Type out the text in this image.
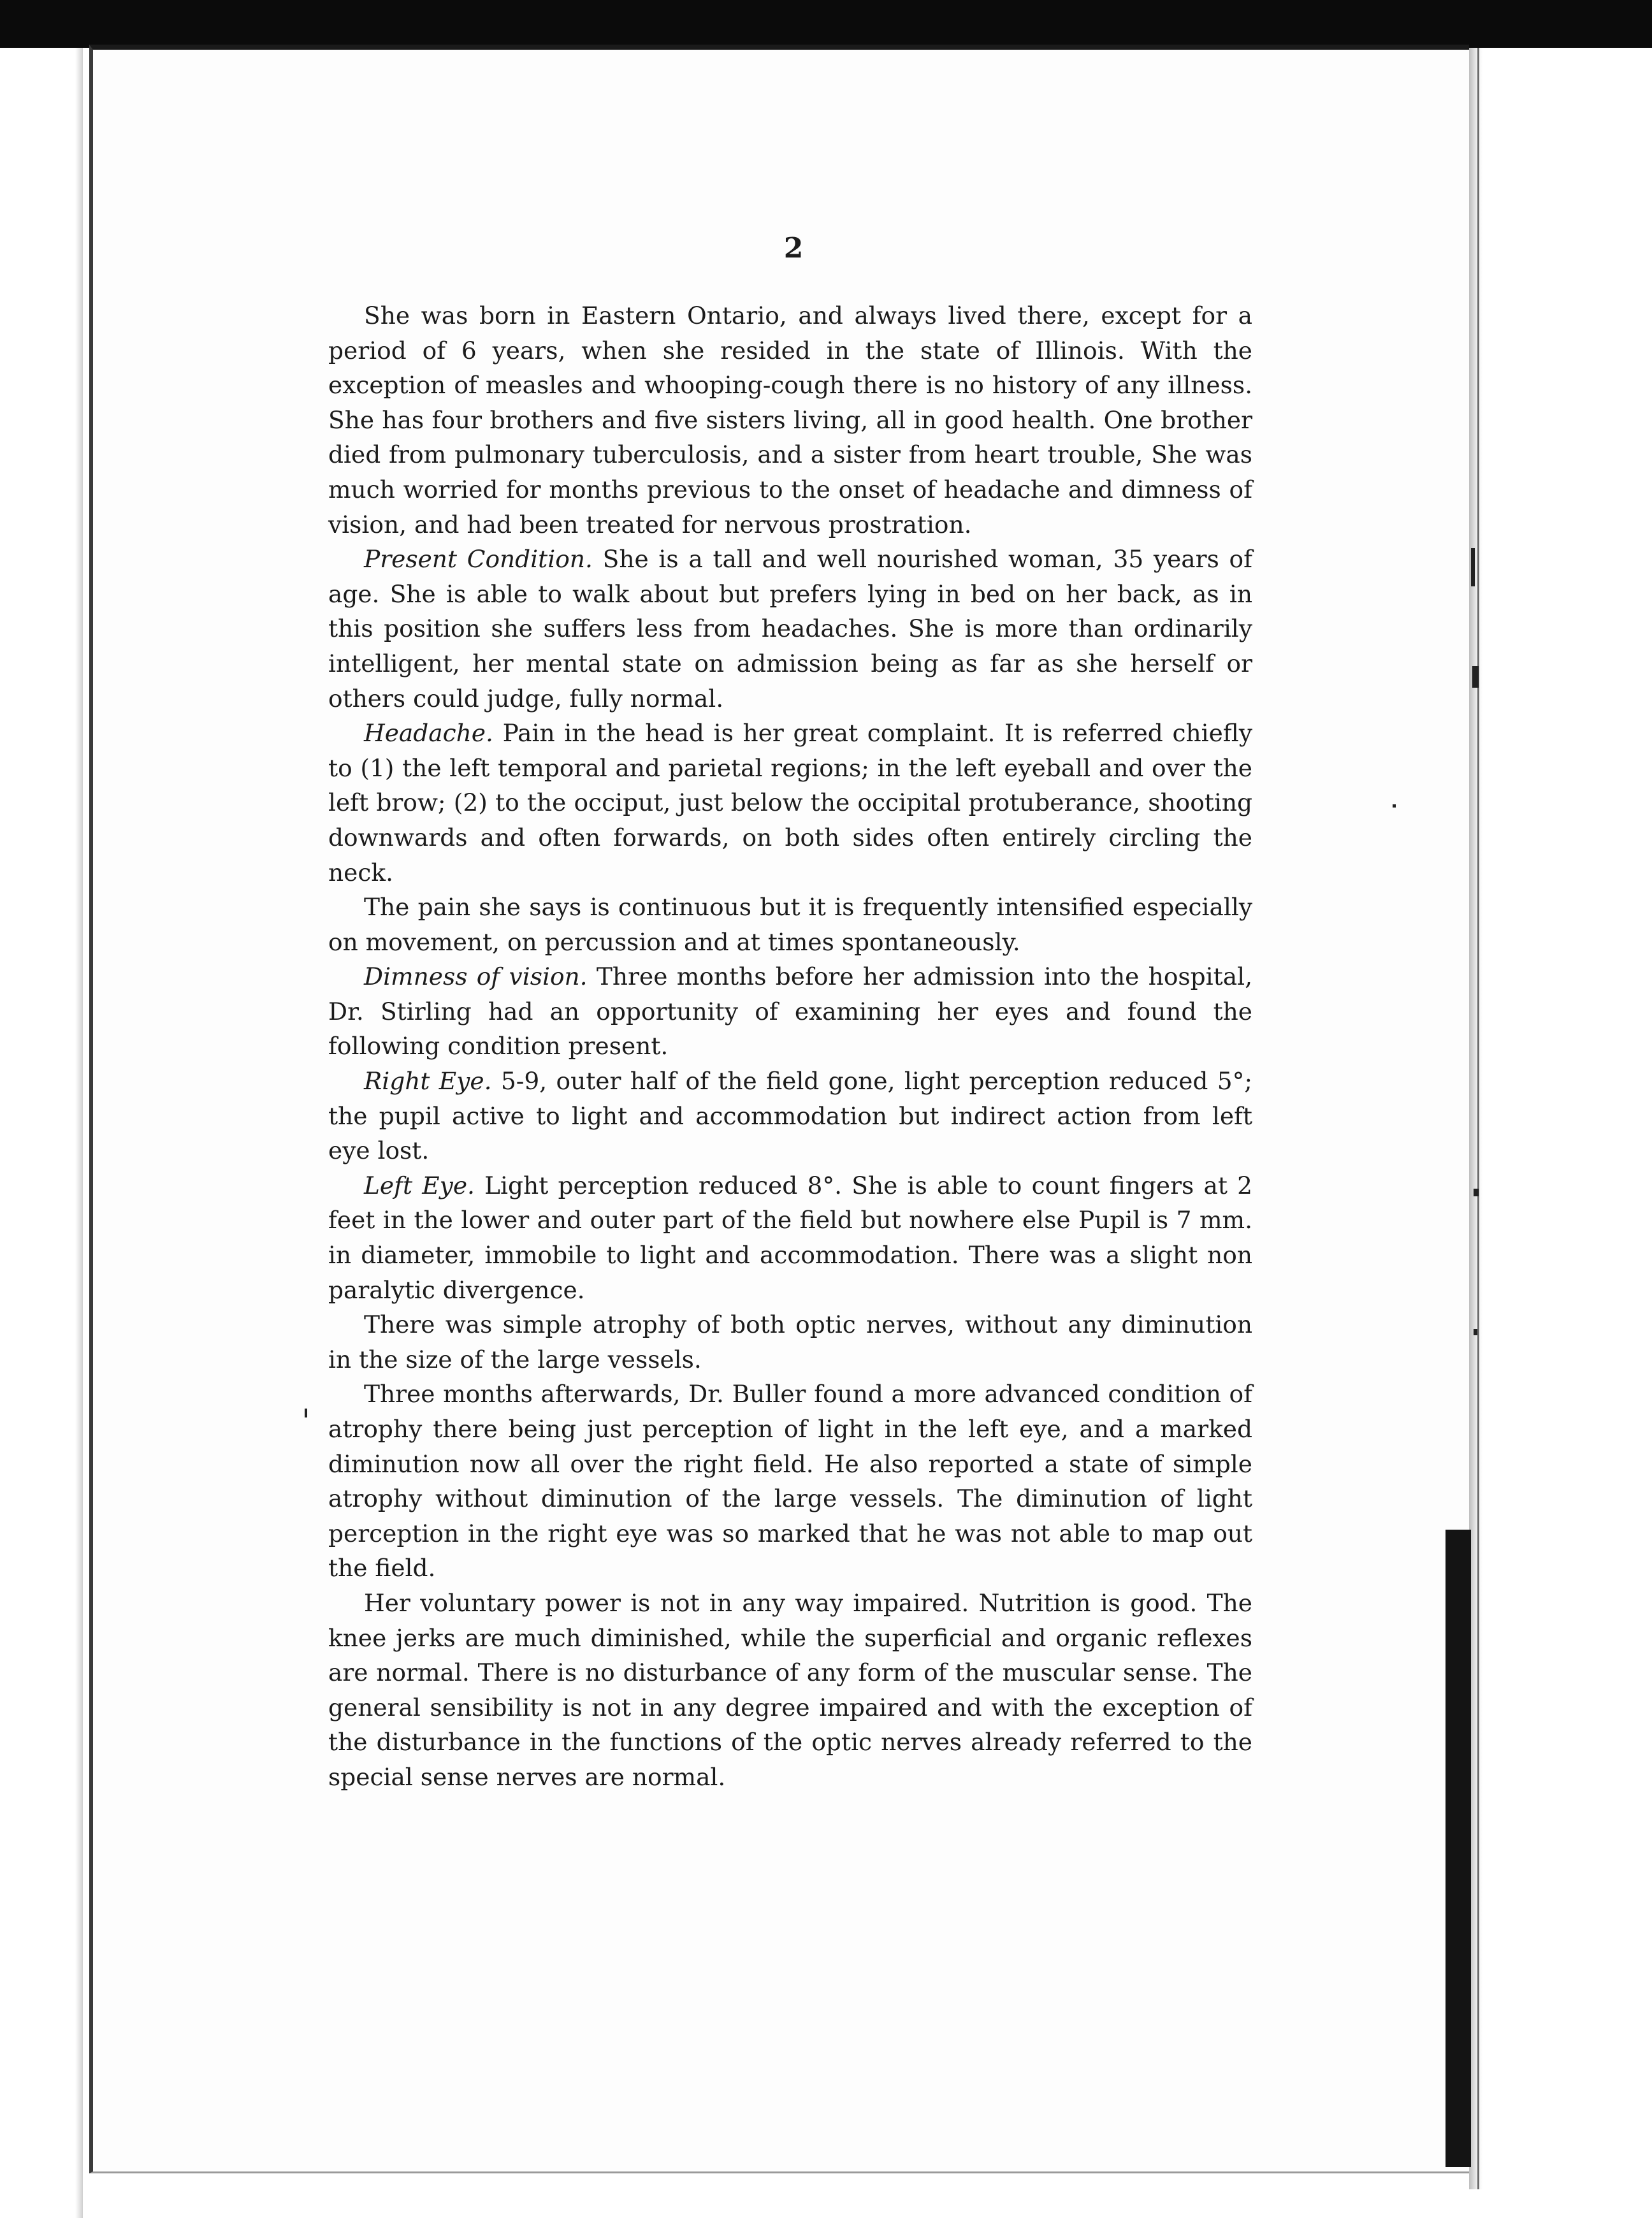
2

She was born in Eastern Ontario, and always lived there, except for a period of 6 years, when she resided in the state of Illinois. With the exception of measles and whooping-cough there is no history of any illness. She has four brothers and five sisters living, all in good health. One brother died from pulmonary tuberculosis, and a sister from heart trouble, She was much worried for months previous to the onset of headache and dimness of vision, and had been treated for nervous prostration.

Present Condition. She is a tall and well nourished woman, 35 years of age. She is able to walk about but prefers lying in bed on her back, as in this position she suffers less from headaches. She is more than ordinarily intelligent, her mental state on admission being as far as she herself or others could judge, fully normal.

Headache. Pain in the head is her great complaint. It is referred chiefly to (1) the left temporal and parietal regions; in the left eyeball and over the left brow; (2) to the occiput, just below the occipital protuberance, shooting downwards and often forwards, on both sides often entirely circling the neck.

The pain she says is continuous but it is frequently intensified especially on movement, on percussion and at times spontaneously.

Dimness of vision. Three months before her admission into the hospital, Dr. Stirling had an opportunity of examining her eyes and found the following condition present.

Right Eye. 5-9, outer half of the field gone, light perception reduced 5°; the pupil active to light and accommodation but indirect action from left eye lost.

Left Eye. Light perception reduced 8°. She is able to count fingers at 2 feet in the lower and outer part of the field but nowhere else Pupil is 7 mm. in diameter, immobile to light and accommodation. There was a slight non paralytic divergence.

There was simple atrophy of both optic nerves, without any diminution in the size of the large vessels.

Three months afterwards, Dr. Buller found a more advanced condition of atrophy there being just perception of light in the left eye, and a marked diminution now all over the right field. He also reported a state of simple atrophy without diminution of the large vessels. The diminution of light perception in the right eye was so marked that he was not able to map out the field.

Her voluntary power is not in any way impaired. Nutrition is good. The knee jerks are much diminished, while the superficial and organic reflexes are normal. There is no disturbance of any form of the muscular sense. The general sensibility is not in any degree impaired and with the exception of the disturbance in the functions of the optic nerves already referred to the special sense nerves are normal.
